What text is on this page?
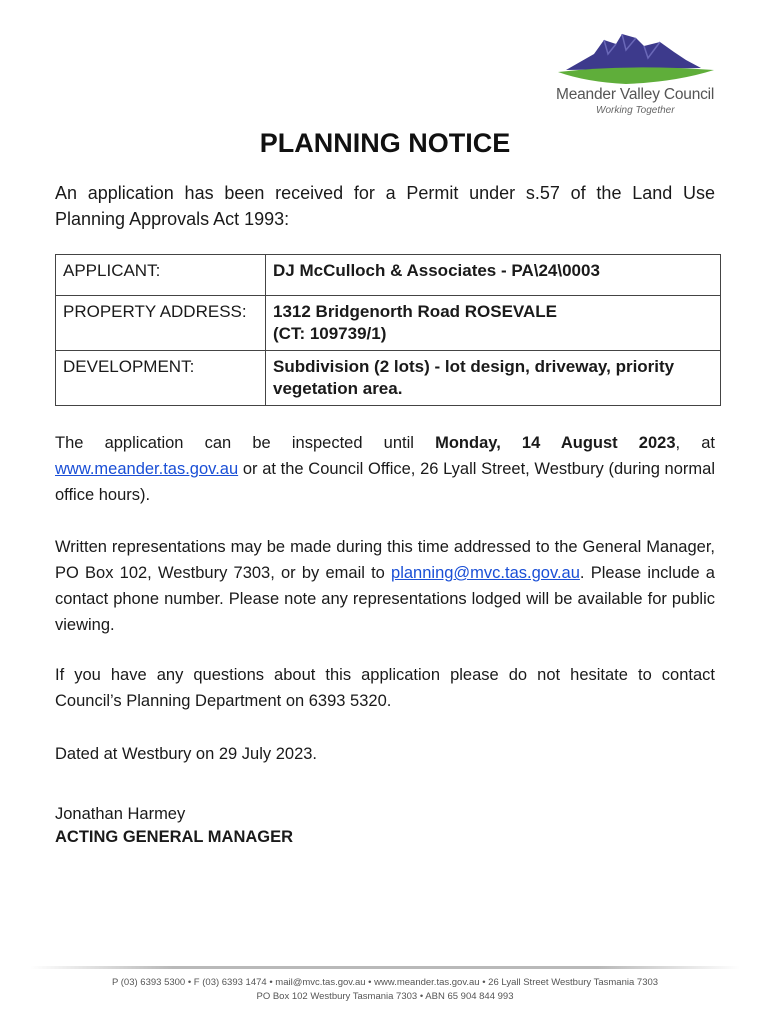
Meander Valley Council
Working Together
PLANNING NOTICE
An application has been received for a Permit under s.57 of the Land Use Planning Approvals Act 1993:
APPLICANT:	DJ McCulloch & Associates - PA\24\0003
PROPERTY ADDRESS:	1312 Bridgenorth Road ROSEVALE
(CT: 109739/1)

DEVELOPMENT:	Subdivision (2 lots) - lot design, driveway, priority vegetation area.
The application can be inspected until Monday, 14 August 2023, at www.meander.tas.gov.au or at the Council Office, 26 Lyall Street, Westbury (during normal office hours).
Written representations may be made during this time addressed to the General Manager, PO Box 102, Westbury 7303, or by email to planning@mvc.tas.gov.au. Please include a contact phone number. Please note any representations lodged will be available for public viewing.
If you have any questions about this application please do not hesitate to contact Council’s Planning Department on 6393 5320.
Dated at Westbury on 29 July 2023.
Jonathan Harmey
ACTING GENERAL MANAGER
P (03) 6393 5300 • F (03) 6393 1474 • mail@mvc.tas.gov.au • www.meander.tas.gov.au • 26 Lyall Street Westbury Tasmania 7303
PO Box 102 Westbury Tasmania 7303 • ABN 65 904 844 993
